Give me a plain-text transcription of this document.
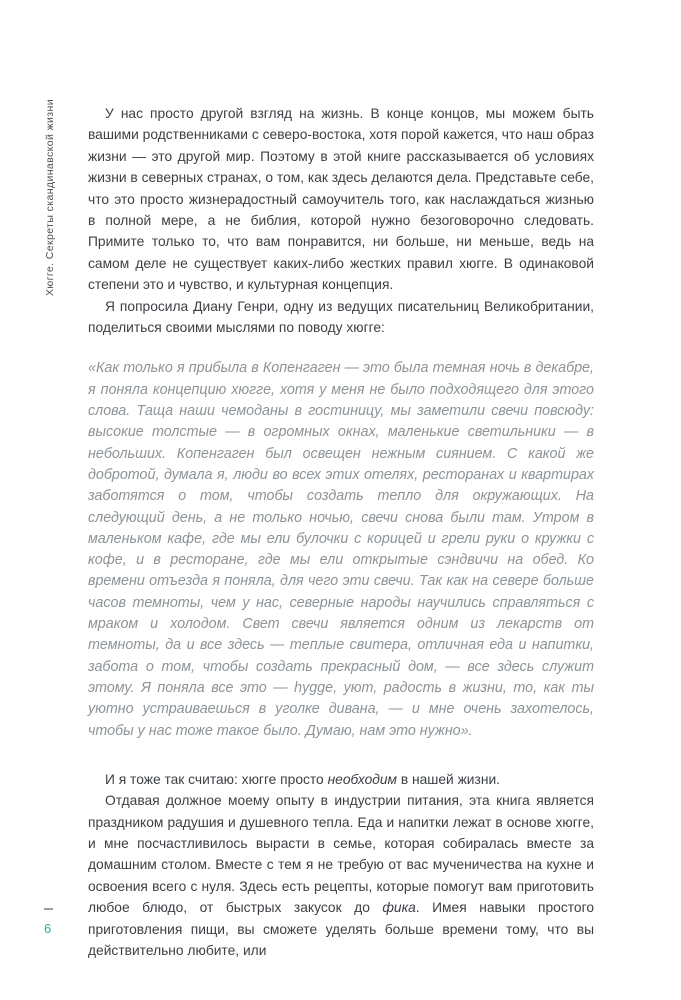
Хюгге. Секреты скандинавской жизни	У нас просто другой взгляд на жизнь. В конце концов, мы можем быть вашими родственниками с северо-востока, хотя порой кажется, что наш образ жизни — это другой мир. Поэтому в этой книге рассказывается об условиях жизни в северных странах, о том, как здесь делаются дела. Представьте себе, что это просто жизнерадостный самоучитель того, как наслаждаться жизнью в полной мере, а не библия, которой нужно безоговорочно следовать. Примите только то, что вам понравится, ни больше, ни меньше, ведь на самом деле не существует каких-либо жестких правил хюгге. В одинаковой степени это и чувство, и культурная концепция.

Я попросила Диану Генри, одну из ведущих писательниц Великобритании, поделиться своими мыслями по поводу хюгге:

«Как только я прибыла в Копенгаген — это была темная ночь в декабре, я поняла концепцию хюгге, хотя у меня не было подходящего для этого слова. Таща наши чемоданы в гостиницу, мы заметили свечи повсюду: высокие толстые — в огромных окнах, маленькие светильники — в небольших. Копенгаген был освещен нежным сиянием. С какой же добротой, думала я, люди во всех этих отелях, ресторанах и квартирах заботятся о том, чтобы создать тепло для окружающих. На следующий день, а не только ночью, свечи снова были там. Утром в маленьком кафе, где мы ели булочки с корицей и грели руки о кружки с кофе, и в ресторане, где мы ели открытые сэндвичи на обед. Ко времени отъезда я поняла, для чего эти свечи. Так как на севере больше часов темноты, чем у нас, северные народы научились справляться с мраком и холодом. Свет свечи является одним из лекарств от темноты, да и все здесь — теплые свитера, отличная еда и напитки, забота о том, чтобы создать прекрасный дом, — все здесь служит этому. Я поняла все это — hygge, уют, радость в жизни, то, как ты уютно устраиваешься в уголке дивана, — и мне очень захотелось, чтобы у нас тоже такое было. Думаю, нам это нужно».

И я тоже так считаю: хюгге просто необходим в нашей жизни.

Отдавая должное моему опыту в индустрии питания, эта книга является праздником радушия и душевного тепла. Еда и напитки лежат в основе хюгге, и мне посчастливилось вырасти в семье, которая собиралась вместе за домашним столом. Вместе с тем я не требую от вас мученичества на кухне и освоения всего с нуля. Здесь есть рецепты, которые помогут вам приготовить любое блюдо, от быстрых закусок до фика. Имея навыки простого приготовления пищи, вы сможете уделять больше времени тому, что вы действительно любите, или

6
